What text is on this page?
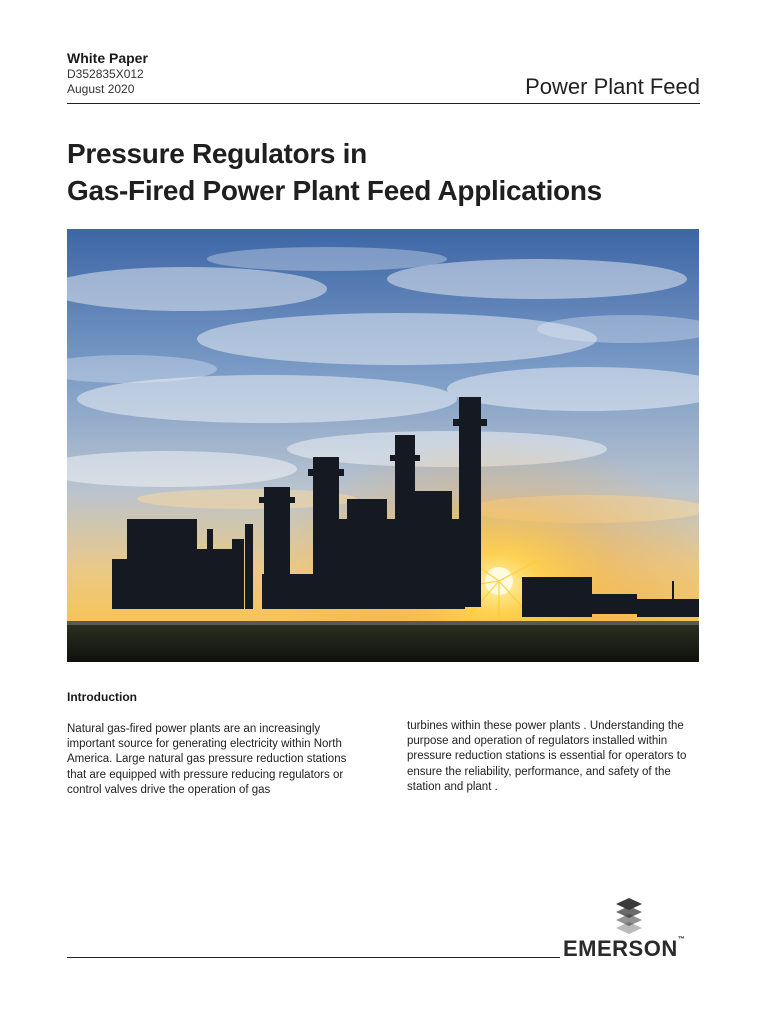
White Paper
D352835X012
August 2020	Power Plant Feed
Pressure Regulators in
Gas-Fired Power Plant Feed Applications
Introduction

Natural gas-fired power plants are an increasingly important source for generating electricity within North America. Large natural gas pressure reduction stations that are equipped with pressure reducing regulators or control valves drive the operation of gas

turbines within these power plants . Understanding the purpose and operation of regulators installed within pressure reduction stations is essential for operators to ensure the reliability, performance, and safety of the station and plant .

EMERSON™
